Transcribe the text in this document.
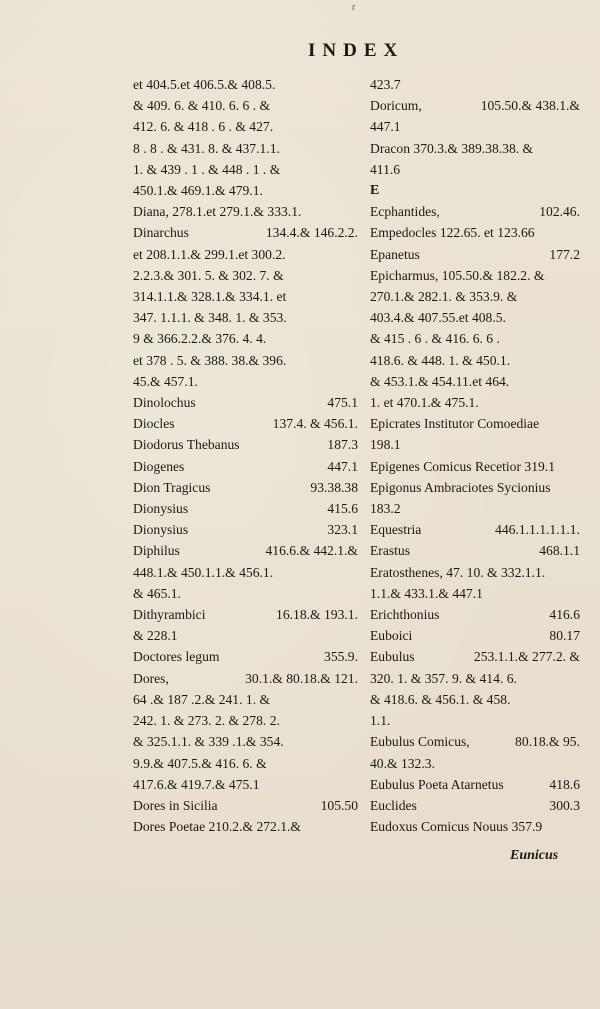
r
INDEX
et 404.5.et 406.5.& 408.5.
& 409. 6. & 410. 6. 6 . &
412. 6. & 418 . 6 . & 427.
8 . 8 . & 431. 8. & 437.1.1.
1. & 439 . 1 . & 448 . 1 . &
450.1.& 469.1.& 479.1.
Diana, 278.1.et 279.1.& 333.1.
Dinarchus	134.4.& 146.2.2.
et 208.1.1.& 299.1.et 300.2.
2.2.3.& 301. 5. & 302. 7. &
314.1.1.& 328.1.& 334.1. et
347. 1.1.1. & 348. 1. & 353.
9 & 366.2.2.& 376. 4. 4.
et 378 . 5. & 388. 38.& 396.
45.& 457.1.
Dinolochus	475.1
Diocles	137.4. & 456.1.
Diodorus Thebanus	187.3
Diogenes	447.1
Dion Tragicus	93.38.38
Dionysius	415.6
Dionysius	323.1
Diphilus	416.6.& 442.1.&
448.1.& 450.1.1.& 456.1.
& 465.1.
Dithyrambici	16.18.& 193.1.
& 228.1
Doctores legum	355.9.
Dores,	30.1.& 80.18.& 121.
64 .& 187 .2.& 241. 1. &
242. 1. & 273. 2. & 278. 2.
& 325.1.1. & 339 .1.& 354.
9.9.& 407.5.& 416. 6. &
417.6.& 419.7.& 475.1
Dores in Sicilia	105.50
Dores Poetae 210.2.& 272.1.&
423.7
Doricum,	105.50.& 438.1.&
447.1
Dracon 370.3.& 389.38.38. &
411.6
E
Ecphantides,	102.46.
Empedocles 122.65. et 123.66
Epanetus	177.2
Epicharmus, 105.50.& 182.2. &
270.1.& 282.1. & 353.9. &
403.4.& 407.55.et 408.5.
& 415 . 6 . & 416. 6. 6 .
418.6. & 448. 1. & 450.1.
& 453.1.& 454.11.et 464.
1. et 470.1.& 475.1.
Epicrates Institutor Comoediae
198.1
Epigenes Comicus Recetior 319.1
Epigonus Ambraciotes Sycionius
183.2
Equestria	446.1.1.1.1.1.1.
Erastus	468.1.1
Eratosthenes, 47. 10. & 332.1.1.
1.1.& 433.1.& 447.1
Erichthonius	416.6
Euboici	80.17
Eubulus	253.1.1.& 277.2. &
320. 1. & 357. 9. & 414. 6.
& 418.6. & 456.1. & 458.
1.1.
Eubulus Comicus,	80.18.& 95.
40.& 132.3.
Eubulus Poeta Atarnetus	418.6
Euclides	300.3
Eudoxus Comicus Nouus 357.9
Eunicus
